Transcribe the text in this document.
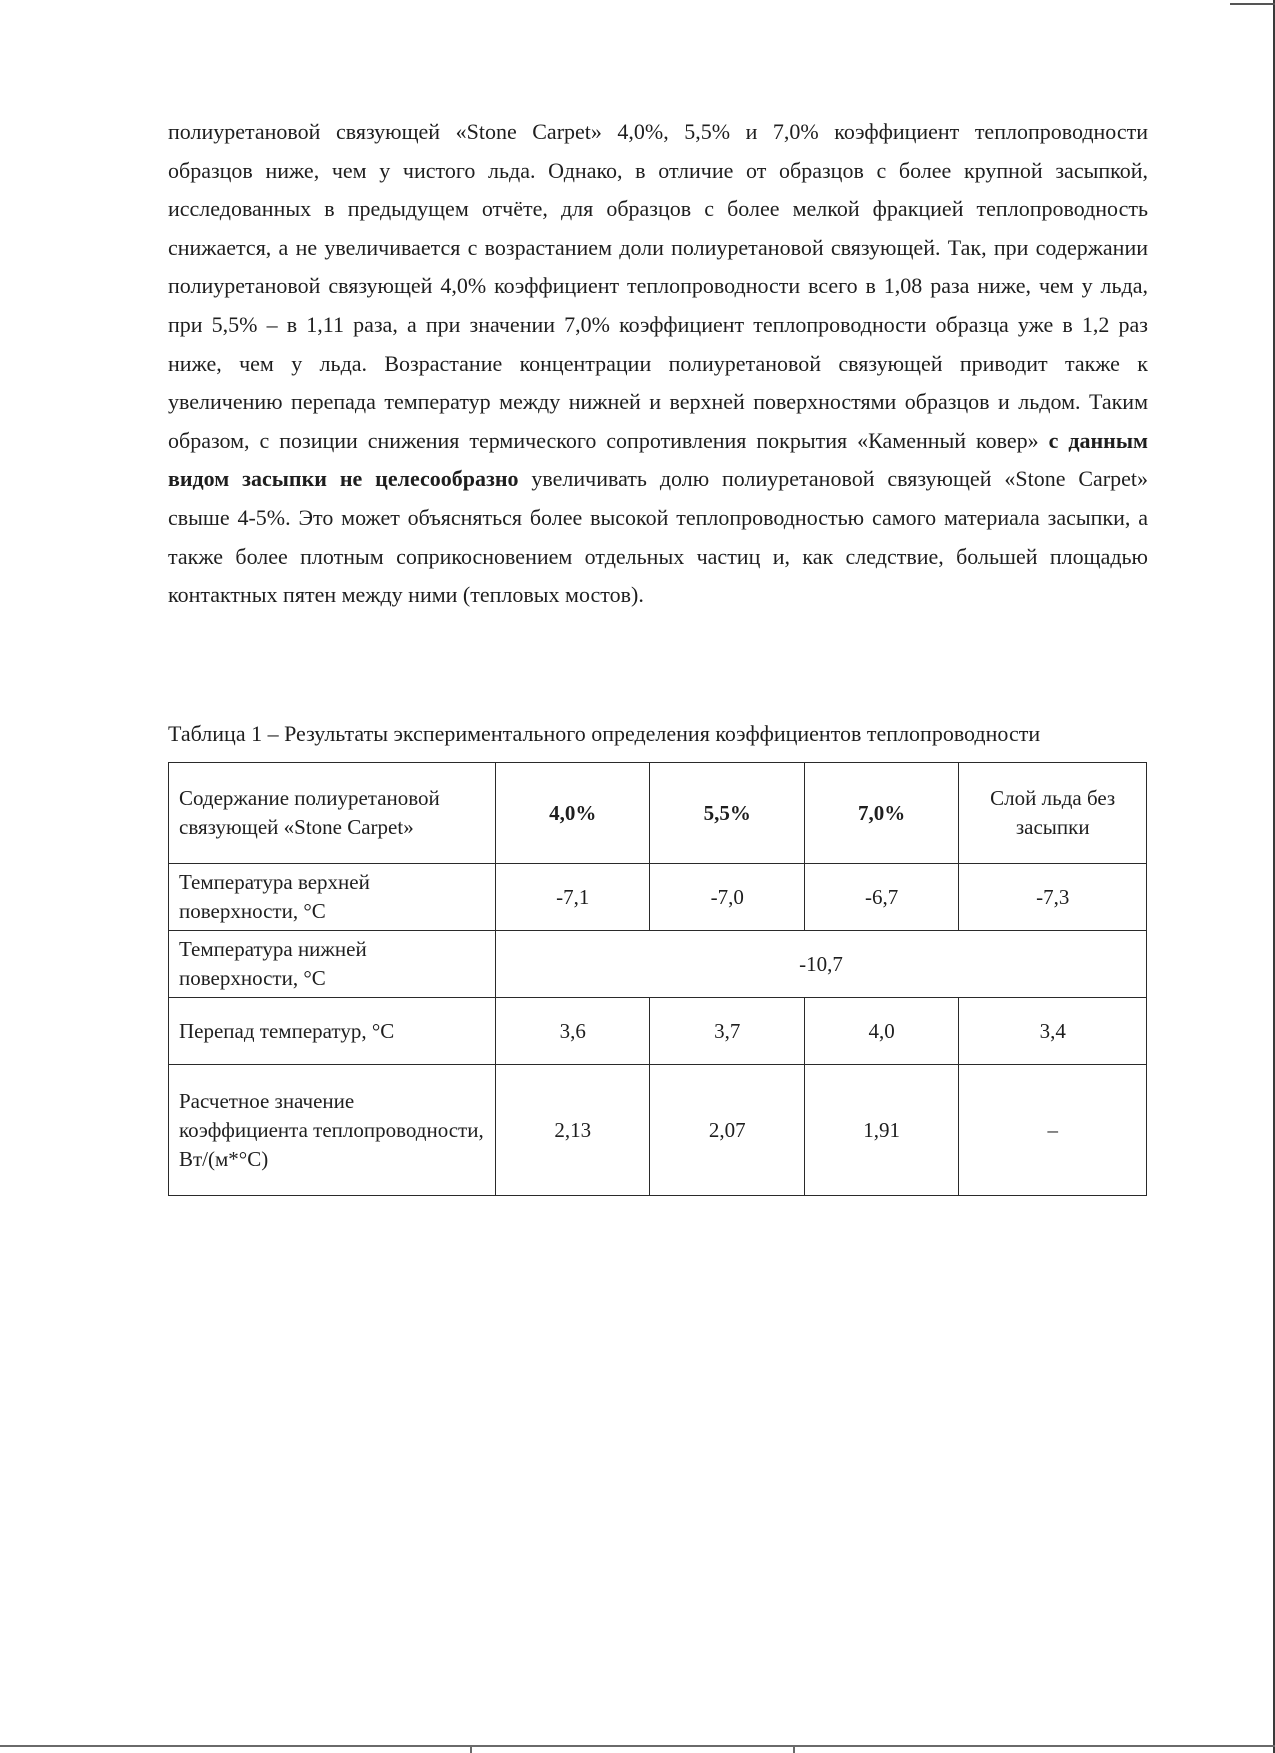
полиуретановой связующей «Stone Carpet» 4,0%, 5,5% и 7,0% коэффициент теплопроводности образцов ниже, чем у чистого льда. Однако, в отличие от образцов с более крупной засыпкой, исследованных в предыдущем отчёте, для образцов с более мелкой фракцией теплопроводность снижается, а не увеличивается с возрастанием доли полиуретановой связующей. Так, при содержании полиуретановой связующей 4,0% коэффициент теплопроводности всего в 1,08 раза ниже, чем у льда, при 5,5% – в 1,11 раза, а при значении 7,0% коэффициент теплопроводности образца уже в 1,2 раз ниже, чем у льда. Возрастание концентрации полиуретановой связующей приводит также к увеличению перепада температур между нижней и верхней поверхностями образцов и льдом. Таким образом, с позиции снижения термического сопротивления покрытия «Каменный ковер» с данным видом засыпки не целесообразно увеличивать долю полиуретановой связующей «Stone Carpet» свыше 4-5%. Это может объясняться более высокой теплопроводностью самого материала засыпки, а также более плотным соприкосновением отдельных частиц и, как следствие, большей площадью контактных пятен между ними (тепловых мостов).

Таблица 1 – Результаты экспериментального определения коэффициентов теплопроводности

Содержание полиуретановой связующей «Stone Carpet»	4,0%	5,5%	7,0%	Слой льда без засыпки
Температура верхней поверхности, °С	-7,1	-7,0	-6,7	-7,3
Температура нижней поверхности, °С	-10,7			
Перепад температур, °С	3,6	3,7	4,0	3,4
Расчетное значение коэффициента теплопроводности, Вт/(м*°С)	2,13	2,07	1,91	–
